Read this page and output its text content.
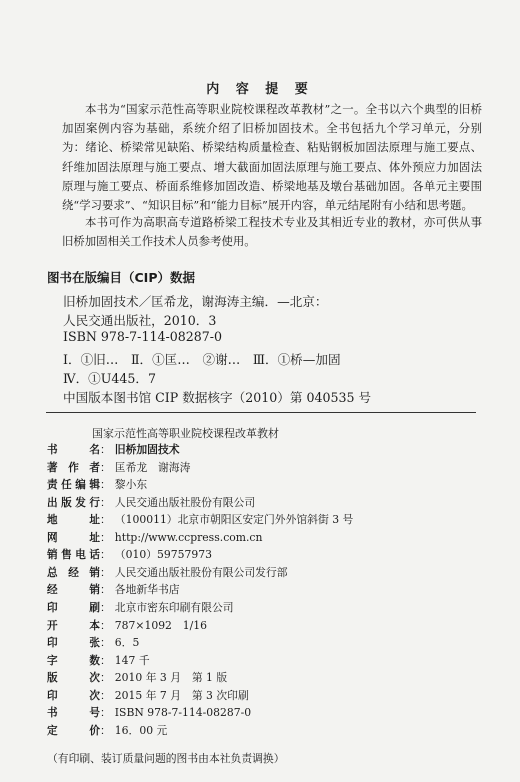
内 容 提 要

本书为“国家示范性高等职业院校课程改革教材”之一。全书以六个典型的旧桥加固案例内容为基础，系统介绍了旧桥加固技术。全书包括九个学习单元，分别为：绪论、桥梁常见缺陷、桥梁结构质量检查、粘贴钢板加固法原理与施工要点、纤维加固法原理与施工要点、增大截面加固法原理与施工要点、体外预应力加固法原理与施工要点、桥面系维修加固改造、桥梁地基及墩台基础加固。各单元主要围绕“学习要求”、“知识目标”和“能力目标”展开内容，单元结尾附有小结和思考题。

本书可作为高职高专道路桥梁工程技术专业及其相近专业的教材，亦可供从事旧桥加固相关工作技术人员参考使用。

图书在版编目（CIP）数据
旧桥加固技术／匡希龙，谢海涛主编．—北京：
人民交通出版社，2010．3
ISBN 978-7-114-08287-0
Ⅰ．①旧…　Ⅱ．①匡…　②谢…　Ⅲ．①桥—加固
Ⅳ．①U445．7
中国版本图书馆 CIP 数据核字（2010）第 040535 号
国家示范性高等职业院校课程改革教材
书	名 ： 旧桥加固技术
著 作 者 ： 匡希龙　谢海涛
责 任 编 辑 ： 黎小东
出 版 发 行 ： 人民交通出版社股份有限公司
地	址 ： （100011）北京市朝阳区安定门外外馆斜街 3 号
网	址 ： http://www.ccpress.com.cn
销 售 电 话 ： （010）59757973
总 经 销 ： 人民交通出版社股份有限公司发行部
经	销 ： 各地新华书店
印	刷 ： 北京市密东印刷有限公司
开	本 ： 787×1092　1/16
印	张 ： 6．5
字	数 ： 147 千
版	次 ： 2010 年 3 月　第 1 版
印	次 ： 2015 年 7 月　第 3 次印刷
书	号 ： ISBN 978-7-114-08287-0
定	价 ： 16．00 元
（有印刷、装订质量问题的图书由本社负责调换）
